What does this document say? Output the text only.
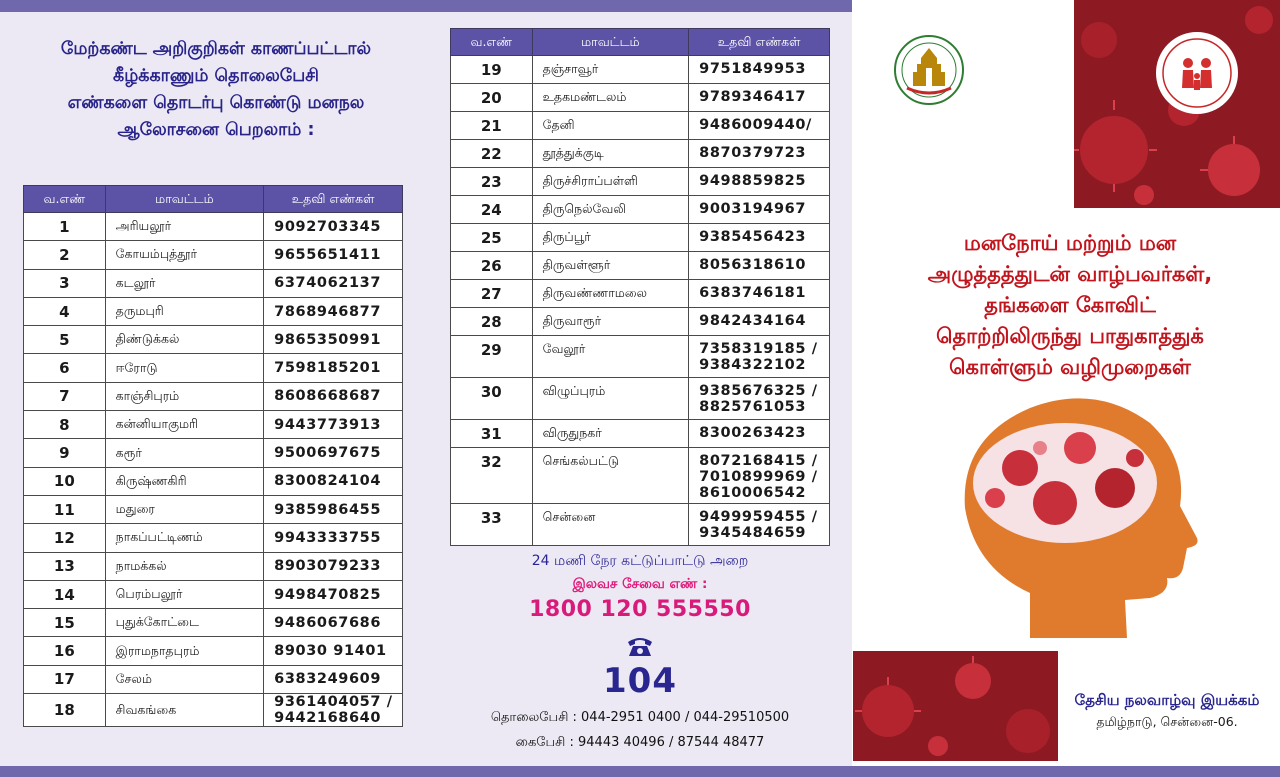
மேற்கண்ட அறிகுறிகள் காணப்பட்டால்
கீழ்க்காணும் தொலைபேசி
எண்களை தொடர்பு கொண்டு மனநல
ஆலோசனை பெறலாம் :
வ.எண்	மாவட்டம்	உதவி எண்கள்
1	அரியலூர்	9092703345
2	கோயம்புத்தூர்	9655651411
3	கடலூர்	6374062137
4	தருமபுரி	7868946877
5	திண்டுக்கல்	9865350991
6	ஈரோடு	7598185201
7	காஞ்சிபுரம்	8608668687
8	கன்னியாகுமரி	9443773913
9	கரூர்	9500697675
10	கிருஷ்ணகிரி	8300824104
11	மதுரை	9385986455
12	நாகப்பட்டிணம்	9943333755
13	நாமக்கல்	8903079233
14	பெரம்பலூர்	9498470825
15	புதுக்கோட்டை	9486067686
16	இராமநாதபுரம்	89030 91401
17	சேலம்	6383249609
18	சிவகங்கை	9361404057 / 9442168640
வ.எண்	மாவட்டம்	உதவி எண்கள்
19	தஞ்சாவூர்	9751849953
20	உதகமண்டலம்	9789346417
21	தேனி	9486009440/
22	தூத்துக்குடி	8870379723
23	திருச்சிராப்பள்ளி	9498859825
24	திருநெல்வேலி	9003194967
25	திருப்பூர்	9385456423
26	திருவள்ளூர்	8056318610
27	திருவண்ணாமலை	6383746181
28	திருவாரூர்	9842434164
29	வேலூர்	7358319185 / 9384322102
30	விழுப்புரம்	9385676325 / 8825761053
31	விருதுநகர்	8300263423
32	செங்கல்பட்டு	8072168415 / 7010899969 / 8610006542
33	சென்னை	9499959455 / 9345484659
24 மணி நேர கட்டுப்பாட்டு அறை
இலவச சேவை எண் :
1800 120 555550
104
தொலைபேசி : 044-2951 0400 / 044-29510500
கைபேசி : 94443 40496 / 87544 48477
மனநோய் மற்றும் மன
அழுத்தத்துடன் வாழ்பவர்கள்,
தங்களை கோவிட்
தொற்றிலிருந்து பாதுகாத்துக்
கொள்ளும் வழிமுறைகள்
தேசிய நலவாழ்வு இயக்கம்
தமிழ்நாடு, சென்னை-06.
